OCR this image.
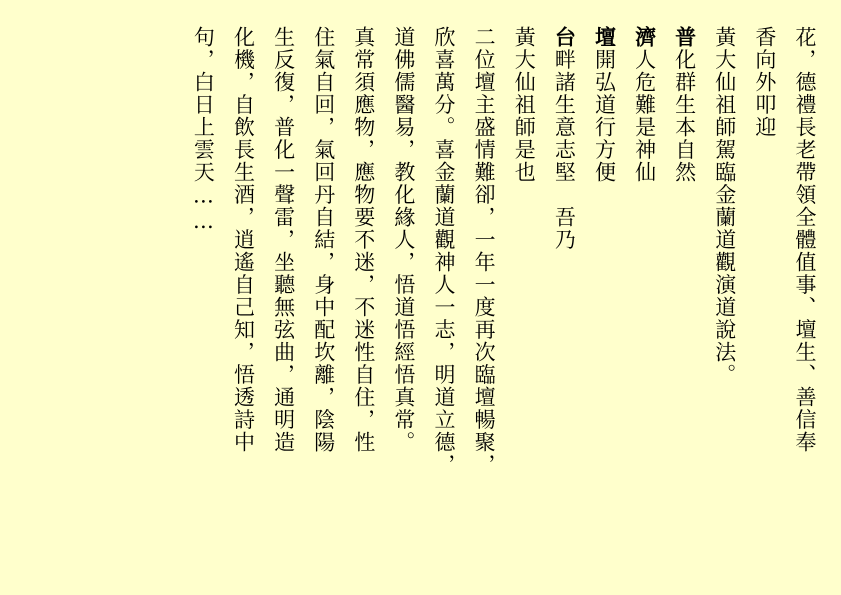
花，德禮長老帶領全體值事、壇生、善信奉
香向外叩迎
黃大仙祖師駕臨金蘭道觀演道說法。
普化群生本自然
濟人危難是神仙
壇開弘道行方便
台畔諸生意志堅　吾乃
黃大仙祖師是也
二位壇主盛情難卻，一年一度再次臨壇暢聚，
欣喜萬分。喜金蘭道觀神人一志，明道立德，
道佛儒醫易，教化緣人，悟道悟經悟真常。
真常須應物，應物要不迷，不迷性自住，性
住氣自回，氣回丹自結，身中配坎離，陰陽
生反復，普化一聲雷，坐聽無弦曲，通明造
化機，自飲長生酒，逍遙自己知，悟透詩中
句，白日上雲天……
